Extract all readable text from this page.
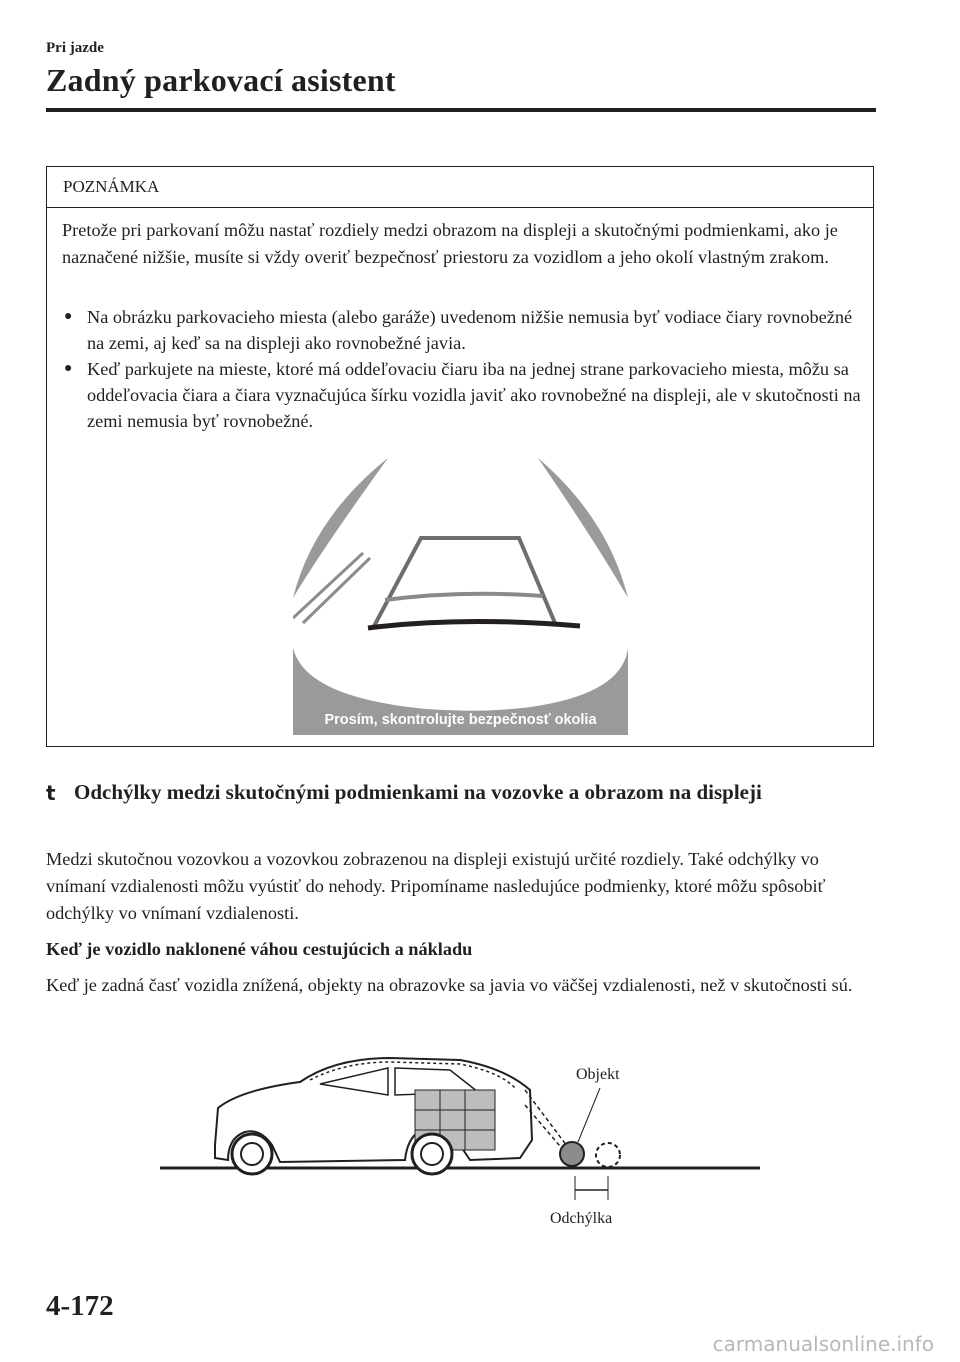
Pri jazde
Zadný parkovací asistent
POZNÁMKA
Pretože pri parkovaní môžu nastať rozdiely medzi obrazom na displeji a skutočnými podmienkami, ako je naznačené nižšie, musíte si vždy overiť bezpečnosť priestoru za vozidlom a jeho okolí vlastným zrakom.
● Na obrázku parkovacieho miesta (alebo garáže) uvedenom nižšie nemusia byť vodiace čiary rovnobežné na zemi, aj keď sa na displeji ako rovnobežné javia.
● Keď parkujete na mieste, ktoré má oddeľovaciu čiaru iba na jednej strane parkovacieho miesta, môžu sa oddeľovacia čiara a čiara vyznačujúca šírku vozidla javiť ako rovnobežné na displeji, ale v skutočnosti na zemi nemusia byť rovnobežné.
Prosím, skontrolujte bezpečnosť okolia
t Odchýlky medzi skutočnými podmienkami na vozovke a obrazom na displeji
Medzi skutočnou vozovkou a vozovkou zobrazenou na displeji existujú určité rozdiely. Také odchýlky vo vnímaní vzdialenosti môžu vyústiť do nehody. Pripomíname nasledujúce podmienky, ktoré môžu spôsobiť odchýlky vo vnímaní vzdialenosti.
Keď je vozidlo naklonené váhou cestujúcich a nákladu
Keď je zadná časť vozidla znížená, objekty na obrazovke sa javia vo väčšej vzdialenosti, než v skutočnosti sú.
Objekt
Odchýlka
4-172
carmanualsonline.info
